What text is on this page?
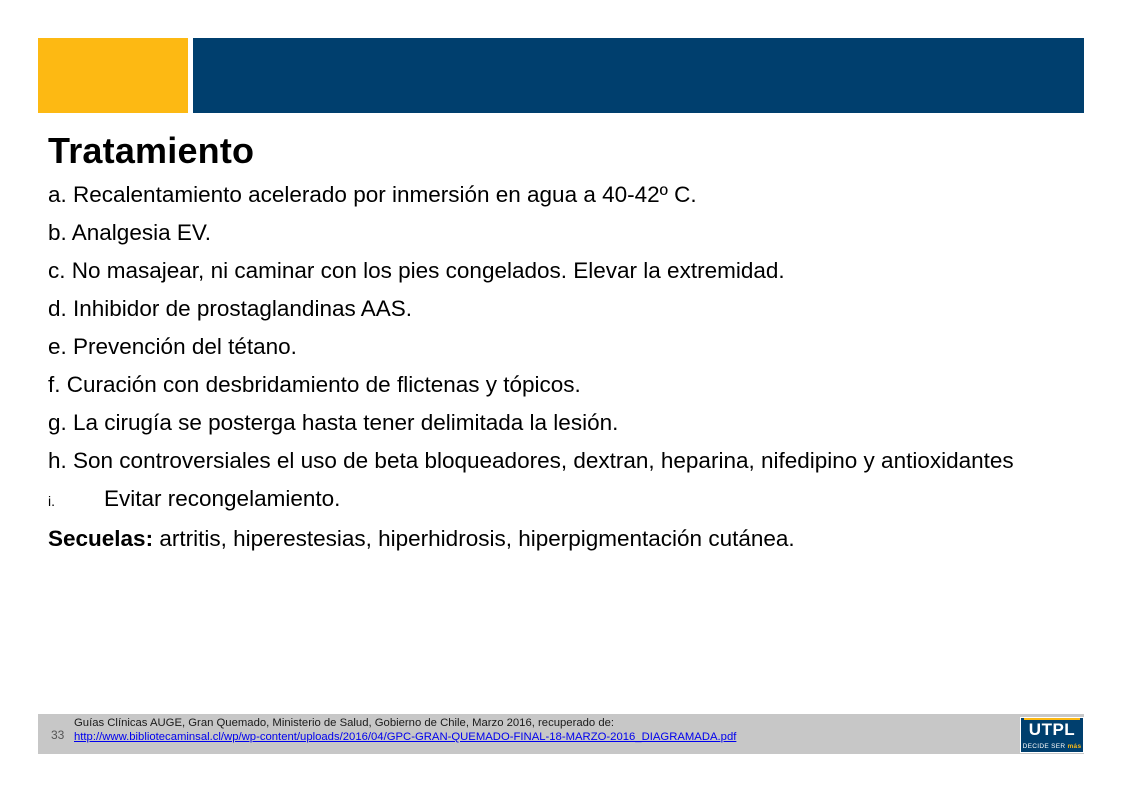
Tratamiento
a. Recalentamiento acelerado por inmersión en agua a 40-42º C.
b. Analgesia EV.
c. No masajear, ni caminar con los pies congelados. Elevar la extremidad.
d. Inhibidor de prostaglandinas AAS.
e. Prevención del tétano.
f. Curación con desbridamiento de flictenas y tópicos.
g. La cirugía se posterga hasta tener delimitada la lesión.
h. Son controversiales el uso de beta bloqueadores, dextran, heparina, nifedipino y antioxidantes
i. Evitar recongelamiento.
Secuelas: artritis, hiperestesias, hiperhidrosis, hiperpigmentación cutánea.
33
Guías Clínicas AUGE, Gran Quemado, Ministerio de Salud, Gobierno de Chile, Marzo 2016, recuperado de:
http://www.bibliotecaminsal.cl/wp/wp-content/uploads/2016/04/GPC-GRAN-QUEMADO-FINAL-18-MARZO-2016_DIAGRAMADA.pdf	UTPL
DECIDE SER más
